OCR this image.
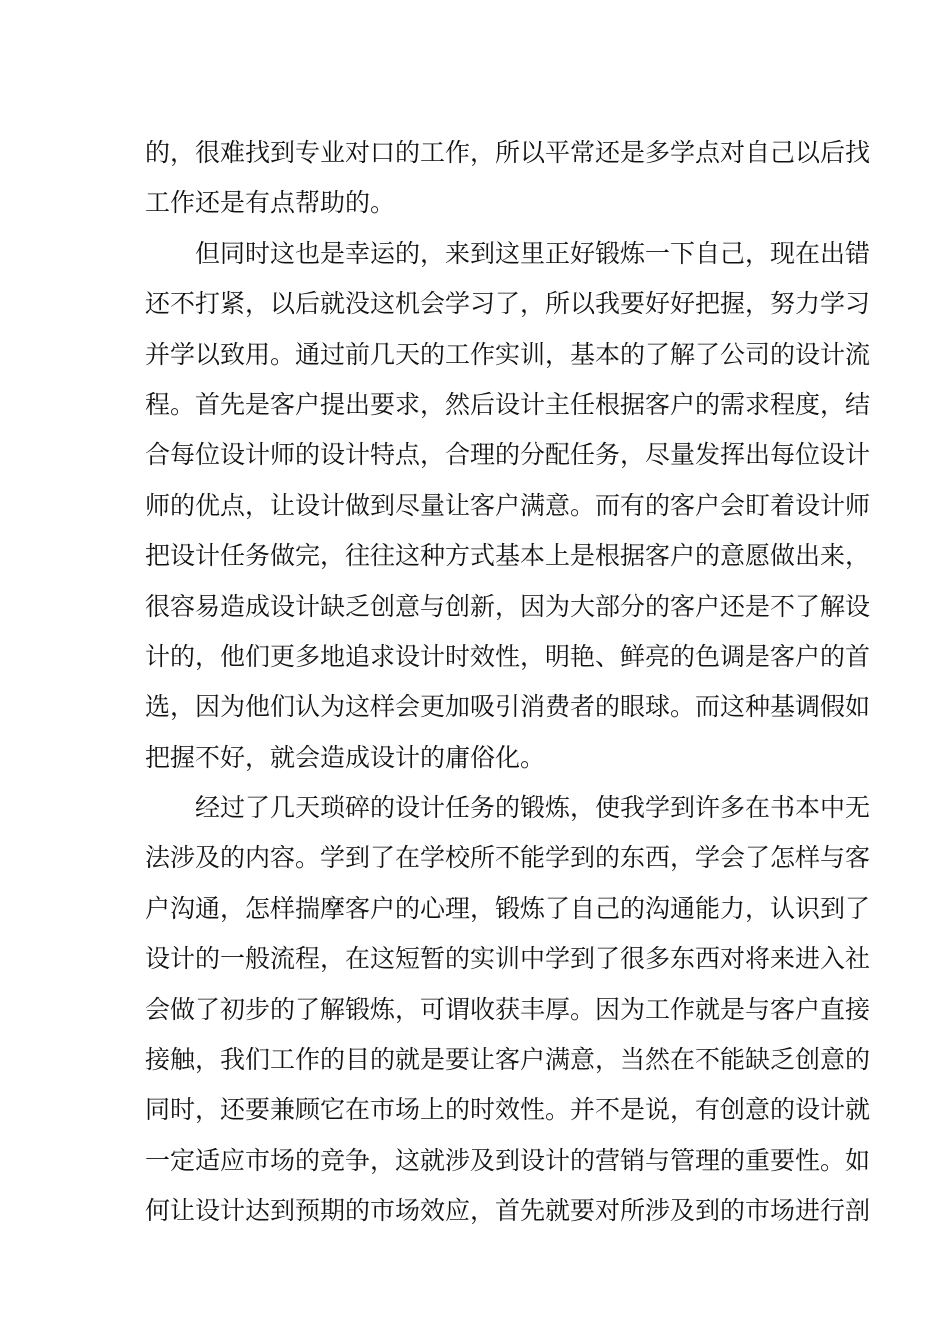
的，很难找到专业对口的工作，所以平常还是多学点对自己以后找
工作还是有点帮助的。
但同时这也是幸运的，来到这里正好锻炼一下自己，现在出错
还不打紧，以后就没这机会学习了，所以我要好好把握，努力学习
并学以致用。通过前几天的工作实训，基本的了解了公司的设计流
程。首先是客户提出要求，然后设计主任根据客户的需求程度，结
合每位设计师的设计特点，合理的分配任务，尽量发挥出每位设计
师的优点，让设计做到尽量让客户满意。而有的客户会盯着设计师
把设计任务做完，往往这种方式基本上是根据客户的意愿做出来，
很容易造成设计缺乏创意与创新，因为大部分的客户还是不了解设
计的，他们更多地追求设计时效性，明艳、鲜亮的色调是客户的首
选，因为他们认为这样会更加吸引消费者的眼球。而这种基调假如
把握不好，就会造成设计的庸俗化。
经过了几天琐碎的设计任务的锻炼，使我学到许多在书本中无
法涉及的内容。学到了在学校所不能学到的东西，学会了怎样与客
户沟通，怎样揣摩客户的心理，锻炼了自己的沟通能力，认识到了
设计的一般流程，在这短暂的实训中学到了很多东西对将来进入社
会做了初步的了解锻炼，可谓收获丰厚。因为工作就是与客户直接
接触，我们工作的目的就是要让客户满意，当然在不能缺乏创意的
同时，还要兼顾它在市场上的时效性。并不是说，有创意的设计就
一定适应市场的竞争，这就涉及到设计的营销与管理的重要性。如
何让设计达到预期的市场效应，首先就要对所涉及到的市场进行剖
